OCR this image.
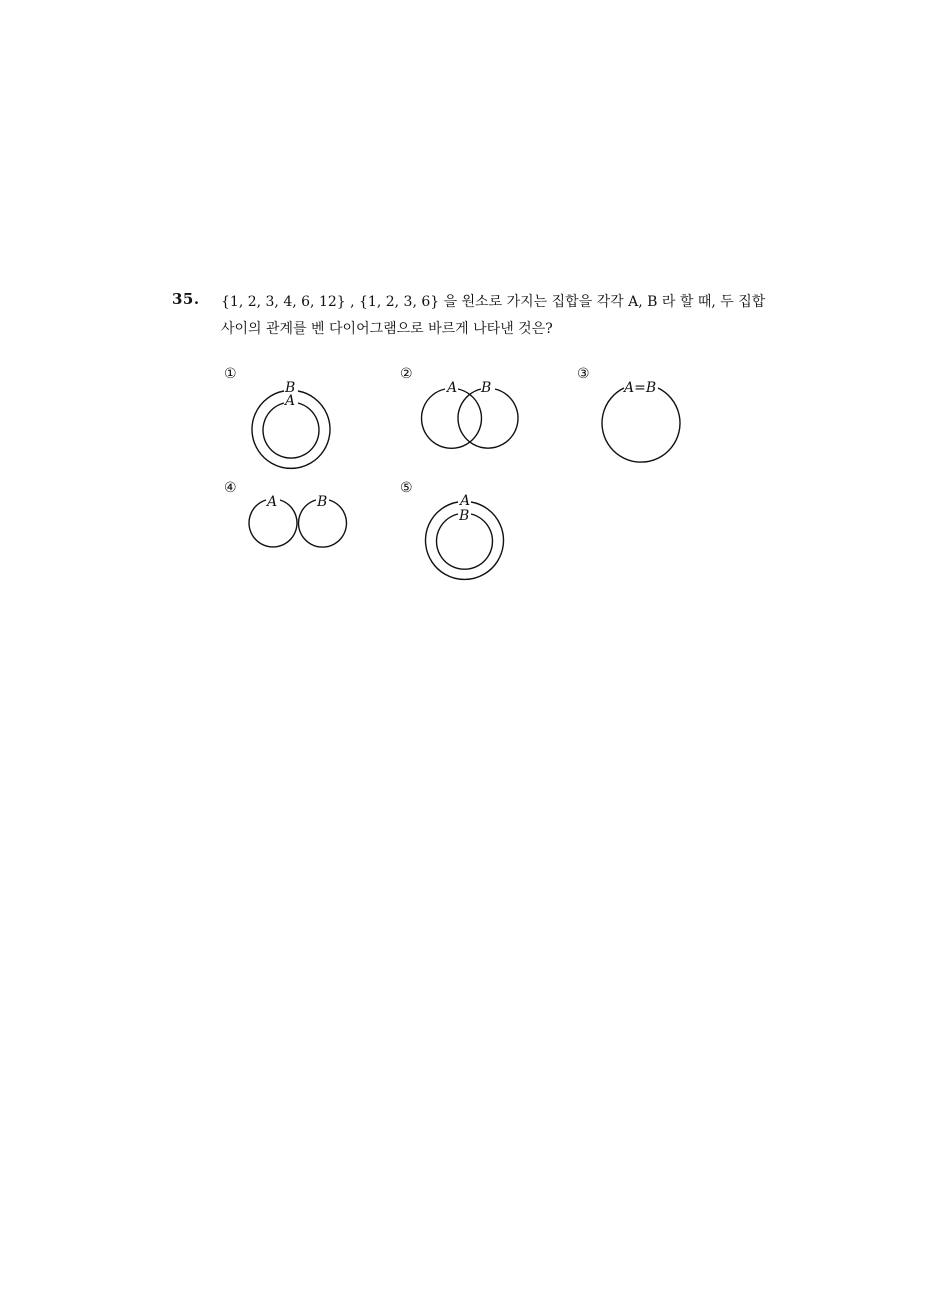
35. {1, 2, 3, 4, 6, 12} , {1, 2, 3, 6} 을 원소로 가지는 집합을 각각 A, B 라 할 때, 두 집합
사이의 관계를 벤 다이어그램으로 바르게 나타낸 것은?
①
B
A
②
A B
③
A=B
④
A	B
⑤
A
B
